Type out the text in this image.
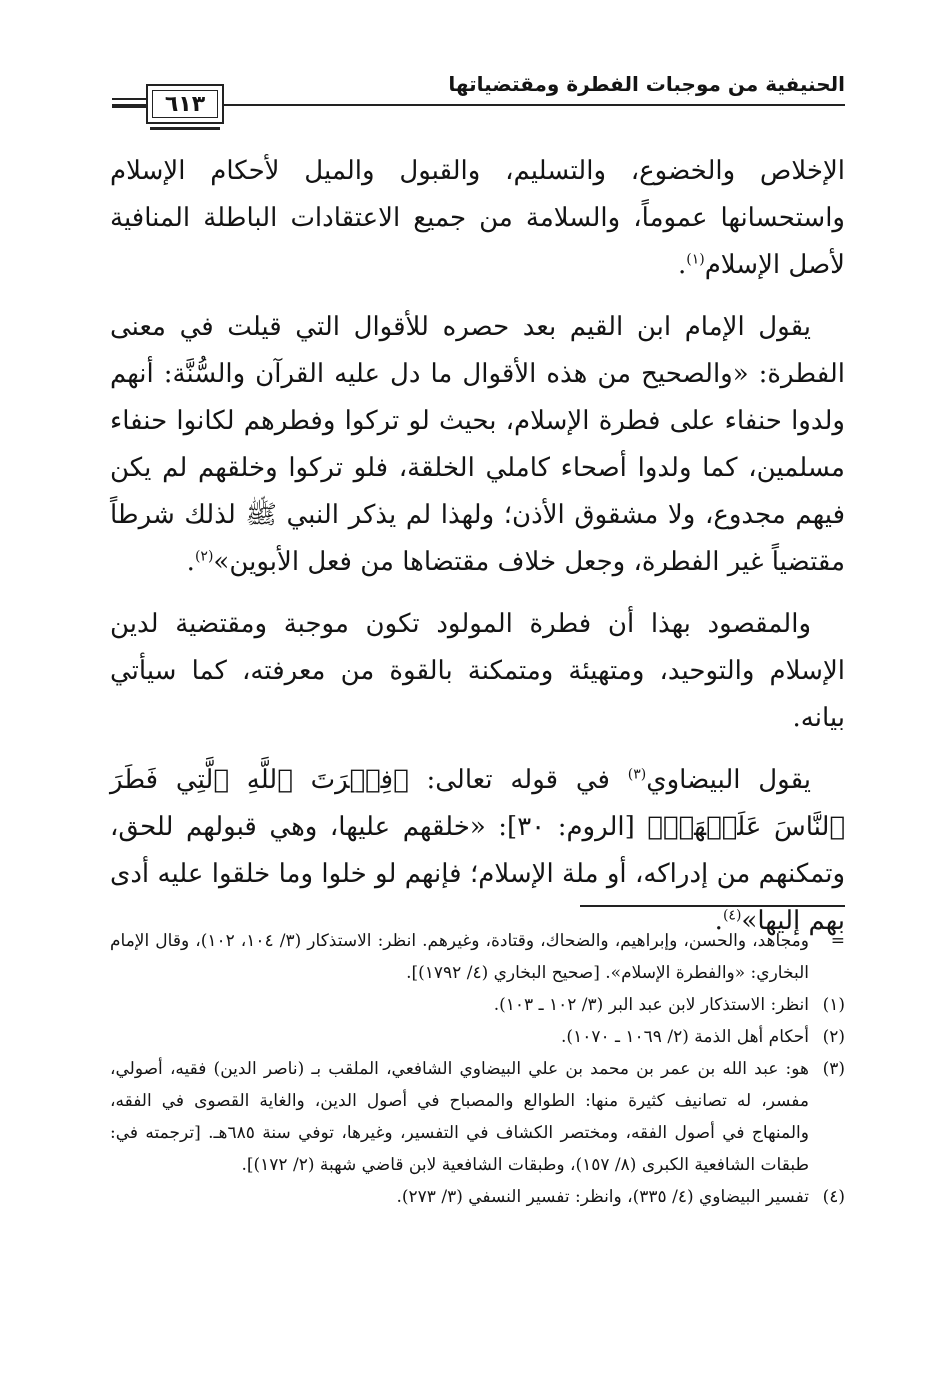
الحنيفية من موجبات الفطرة ومقتضياتها
٦١٣

الإخلاص والخضوع، والتسليم، والقبول والميل لأحكام الإسلام واستحسانها عموماً، والسلامة من جميع الاعتقادات الباطلة المنافية لأصل الإسلام$^{(١)}$.

يقول الإمام ابن القيم بعد حصره للأقوال التي قيلت في معنى الفطرة: «والصحيح من هذه الأقوال ما دل عليه القرآن والسُّنَّة: أنهم ولدوا حنفاء على فطرة الإسلام، بحيث لو تركوا وفطرهم لكانوا حنفاء مسلمين، كما ولدوا أصحاء كاملي الخلقة، فلو تركوا وخلقهم لم يكن فيهم مجدوع، ولا مشقوق الأذن؛ ولهذا لم يذكر النبي ﷺ لذلك شرطاً مقتضياً غير الفطرة، وجعل خلاف مقتضاها من فعل الأبوين»$^{(٢)}$.

والمقصود بهذا أن فطرة المولود تكون موجبة ومقتضية لدين الإسلام والتوحيد، ومتهيئة ومتمكنة بالقوة من معرفته، كما سيأتي بيانه.

يقول البيضاوي$^{(٣)}$ في قوله تعالى: ﴿فِطۡرَتَ ٱللَّهِ ٱلَّتِي فَطَرَ ٱلنَّاسَ عَلَيۡهَاۚ﴾ [الروم: ٣٠]: «خلقهم عليها، وهي قبولهم للحق، وتمكنهم من إدراكه، أو ملة الإسلام؛ فإنهم لو خلوا وما خلقوا عليه أدى بهم إليها»$^{(٤)}$.

=
ومجاهد، والحسن، وإبراهيم، والضحاك، وقتادة، وغيرهم. انظر: الاستذكار (٣/ ١٠٤، ١٠٢)، وقال الإمام البخاري: «والفطرة الإسلام». [صحيح البخاري (٤/ ١٧٩٢)].
(١)
انظر: الاستذكار لابن عبد البر (٣/ ١٠٢ ـ ١٠٣).
(٢)
أحكام أهل الذمة (٢/ ١٠٦٩ ـ ١٠٧٠).
(٣)
هو: عبد الله بن عمر بن محمد بن علي البيضاوي الشافعي، الملقب بـ (ناصر الدين) فقيه، أصولي، مفسر، له تصانيف كثيرة منها: الطوالع والمصباح في أصول الدين، والغاية القصوى في الفقه، والمنهاج في أصول الفقه، ومختصر الكشاف في التفسير، وغيرها، توفي سنة ٦٨٥هـ. [ترجمته في: طبقات الشافعية الكبرى (٨/ ١٥٧)، وطبقات الشافعية لابن قاضي شهبة (٢/ ١٧٢)].
(٤)
تفسير البيضاوي (٤/ ٣٣٥)، وانظر: تفسير النسفي (٣/ ٢٧٣).
